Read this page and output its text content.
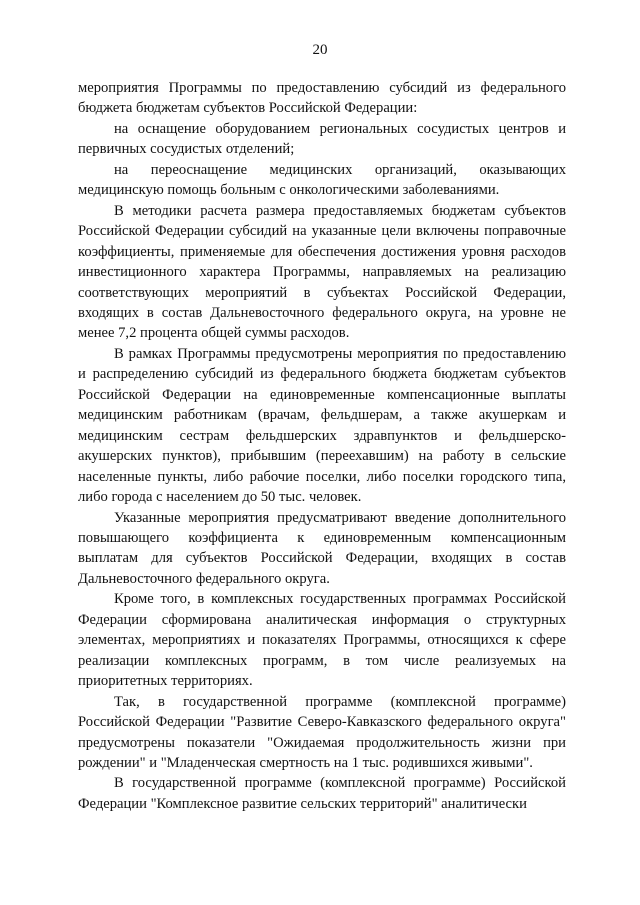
20

мероприятия Программы по предоставлению субсидий из федерального бюджета бюджетам субъектов Российской Федерации:

на оснащение оборудованием региональных сосудистых центров и первичных сосудистых отделений;

на переоснащение медицинских организаций, оказывающих медицинскую помощь больным с онкологическими заболеваниями.

В методики расчета размера предоставляемых бюджетам субъектов Российской Федерации субсидий на указанные цели включены поправочные коэффициенты, применяемые для обеспечения достижения уровня расходов инвестиционного характера Программы, направляемых на реализацию соответствующих мероприятий в субъектах Российской Федерации, входящих в состав Дальневосточного федерального округа, на уровне не менее 7,2 процента общей суммы расходов.

В рамках Программы предусмотрены мероприятия по предоставлению и распределению субсидий из федерального бюджета бюджетам субъектов Российской Федерации на единовременные компенсационные выплаты медицинским работникам (врачам, фельдшерам, а также акушеркам и медицинским сестрам фельдшерских здравпунктов и фельдшерско-акушерских пунктов), прибывшим (переехавшим) на работу в сельские населенные пункты, либо рабочие поселки, либо поселки городского типа, либо города с населением до 50 тыс. человек.

Указанные мероприятия предусматривают введение дополнительного повышающего коэффициента к единовременным компенсационным выплатам для субъектов Российской Федерации, входящих в состав Дальневосточного федерального округа.

Кроме того, в комплексных государственных программах Российской Федерации сформирована аналитическая информация о структурных элементах, мероприятиях и показателях Программы, относящихся к сфере реализации комплексных программ, в том числе реализуемых на приоритетных территориях.

Так, в государственной программе (комплексной программе) Российской Федерации "Развитие Северо-Кавказского федерального округа" предусмотрены показатели "Ожидаемая продолжительность жизни при рождении" и "Младенческая смертность на 1 тыс. родившихся живыми".

В государственной программе (комплексной программе) Российской Федерации "Комплексное развитие сельских территорий" аналитически
